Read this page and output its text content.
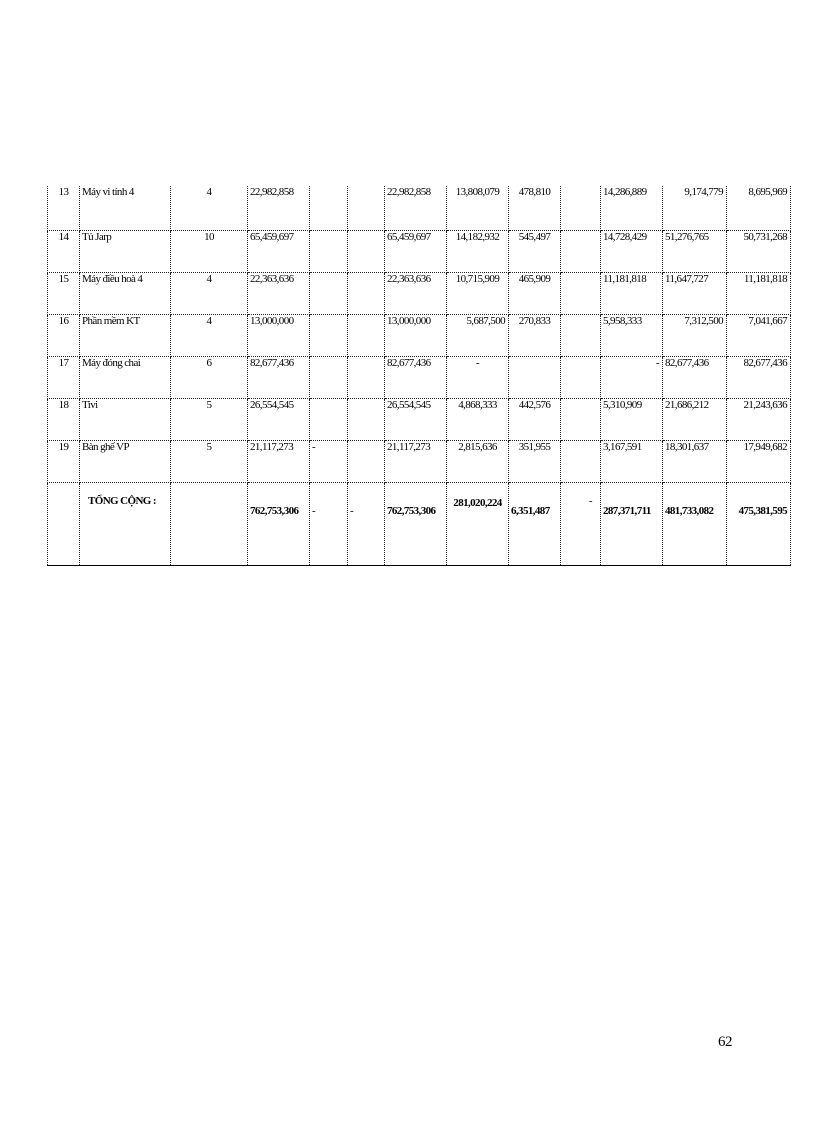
13	Máy vi tính 4	4	22,982,858			22,982,858	13,808,079	478,810		14,286,889	9,174,779	8,695,969
14	Tủ Jarp	10	65,459,697			65,459,697	14,182,932	545,497		14,728,429	51,276,765	50,731,268
15	Máy điều hoà 4	4	22,363,636			22,363,636	10,715,909	465,909		11,181,818	11,647,727	11,181,818
16	Phần mềm KT	4	13,000,000			13,000,000	5,687,500	270,833		5,958,333	7,312,500	7,041,667
17	Máy đóng chai	6	82,677,436			82,677,436	-			-	82,677,436	82,677,436
18	Tivi	5	26,554,545			26,554,545	4,868,333	442,576		5,310,909	21,686,212	21,243,636
19	Bàn ghế VP	5	21,117,273	-		21,117,273	2,815,636	351,955		3,167,591	18,301,637	17,949,682
	TỔNG CỘNG :		762,753,306	-	-	762,753,306	281,020,224	6,351,487	-	287,371,711	481,733,082	475,381,595
62
